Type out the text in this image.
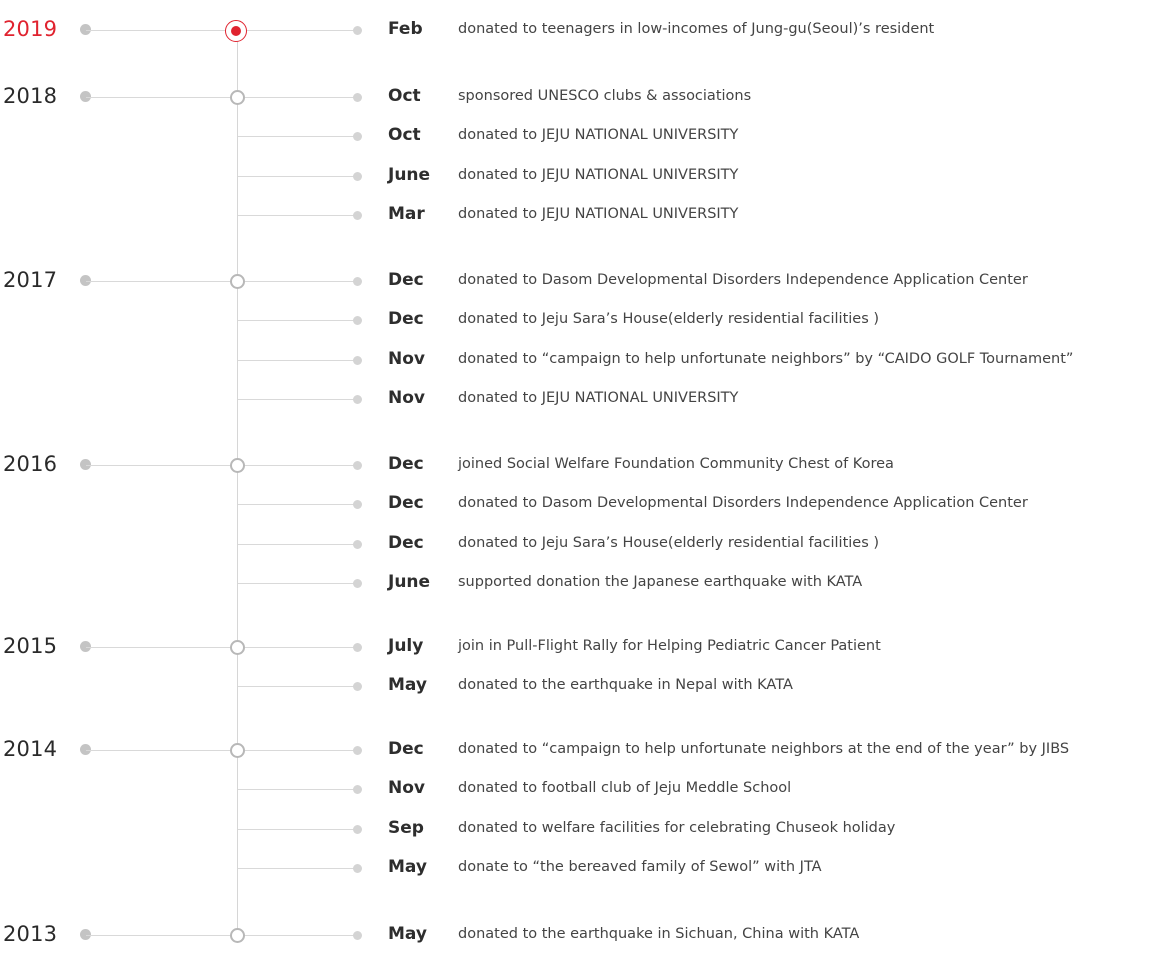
2019	Feb donated to teenagers in low-incomes of Jung-gu(Seoul)’s resident
2018	Oct	sponsored UNESCO clubs & associations
Oct	donated to JEJU NATIONAL UNIVERSITY
June donated to JEJU NATIONAL UNIVERSITY
Mar donated to JEJU NATIONAL UNIVERSITY
2017	Dec donated to Dasom Developmental Disorders Independence Application Center
Dec donated to Jeju Sara’s House(elderly residential facilities )
Nov donated to “campaign to help unfortunate neighbors” by “CAIDO GOLF Tournament”
Nov donated to JEJU NATIONAL UNIVERSITY
2016	Dec joined Social Welfare Foundation Community Chest of Korea
Dec donated to Dasom Developmental Disorders Independence Application Center
Dec donated to Jeju Sara’s House(elderly residential facilities )
June supported donation the Japanese earthquake with KATA
2015	July join in Pull-Flight Rally for Helping Pediatric Cancer Patient
May donated to the earthquake in Nepal with KATA
2014	Dec donated to “campaign to help unfortunate neighbors at the end of the year” by JIBS
Nov donated to football club of Jeju Meddle School
Sep donated to welfare facilities for celebrating Chuseok holiday
May donate to “the bereaved family of Sewol” with JTA
2013	May donated to the earthquake in Sichuan, China with KATA
